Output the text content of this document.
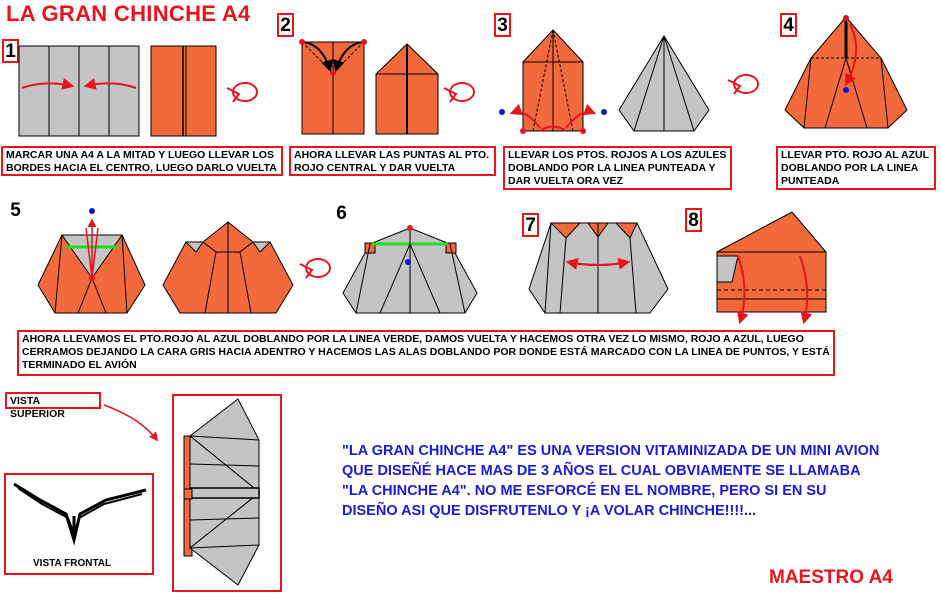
LA GRAN CHINCHE A4
1
2	3	4
5	6
7	8
MARCAR UNA A4 A LA MITAD Y LUEGO LLEVAR LOS BORDES HACIA EL CENTRO, LUEGO DARLO VUELTA
AHORA LLEVAR LAS PUNTAS AL PTO. ROJO CENTRAL Y DAR VUELTA
LLEVAR LOS PTOS. ROJOS A LOS AZULES DOBLANDO POR LA LINEA PUNTEADA Y DAR VUELTA ORA VEZ
LLEVAR PTO. ROJO AL AZUL DOBLANDO POR LA LINEA PUNTEADA
AHORA LLEVAMOS EL PTO.ROJO AL AZUL DOBLANDO POR LA LINEA VERDE, DAMOS VUELTA Y HACEMOS OTRA VEZ LO MISMO, ROJO A AZUL, LUEGO CERRAMOS DEJANDO LA CARA GRIS HACIA ADENTRO Y HACEMOS LAS ALAS DOBLANDO POR DONDE ESTÁ MARCADO CON LA LINEA DE PUNTOS, Y ESTÁ TERMINADO EL AVIÓN
VISTA SUPERIOR
VISTA FRONTAL
"LA GRAN CHINCHE A4" ES UNA VERSION VITAMINIZADA DE UN MINI AVION QUE DISEÑÉ HACE MAS DE 3 AÑOS EL CUAL OBVIAMENTE SE LLAMABA "LA CHINCHE A4". NO ME ESFORCÉ EN EL NOMBRE, PERO SI EN SU DISEÑO ASI QUE DISFRUTENLO Y ¡A VOLAR CHINCHE!!!!...
MAESTRO A4
